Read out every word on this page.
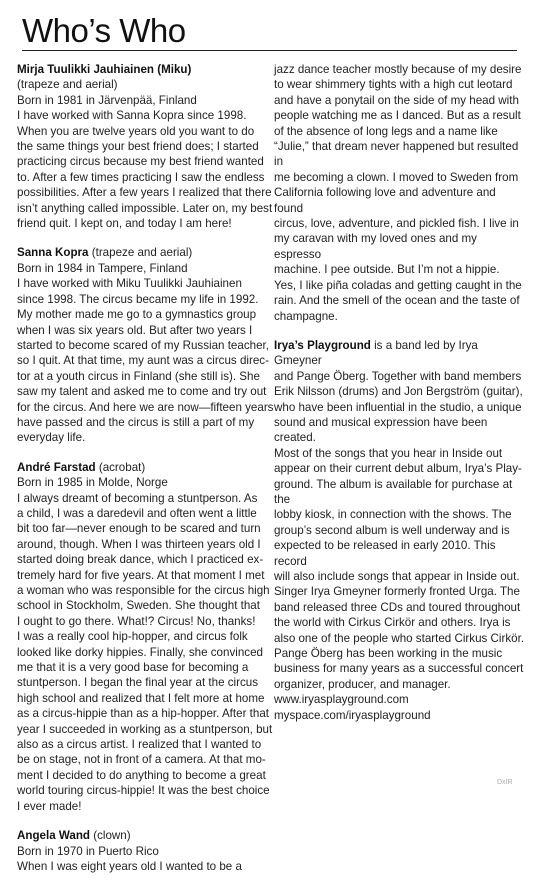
Who’s Who

Mirja Tuulikki Jauhiainen (Miku)

(trapeze and aerial)

Born in 1981 in Järvenpää, Finland

I have worked with Sanna Kopra since 1998.
When you are twelve years old you want to do
the same things your best friend does; I started
practicing circus because my best friend wanted
to. After a few times practicing I saw the endless
possibilities. After a few years I realized that there
isn’t anything called impossible. Later on, my best
friend quit. I kept on, and today I am here!

Sanna Kopra (trapeze and aerial)

Born in 1984 in Tampere, Finland

I have worked with Miku Tuulikki Jauhiainen
since 1998. The circus became my life in 1992.
My mother made me go to a gymnastics group
when I was six years old. But after two years I
started to become scared of my Russian teacher,
so I quit. At that time, my aunt was a circus direc-
tor at a youth circus in Finland (she still is). She
saw my talent and asked me to come and try out
for the circus. And here we are now—fifteen years
have passed and the circus is still a part of my
everyday life.

André Farstad (acrobat)

Born in 1985 in Molde, Norge

I always dreamt of becoming a stuntperson. As
a child, I was a daredevil and often went a little
bit too far—never enough to be scared and turn
around, though. When I was thirteen years old I
started doing break dance, which I practiced ex-
tremely hard for five years. At that moment I met
a woman who was responsible for the circus high
school in Stockholm, Sweden. She thought that
I ought to go there. What!? Circus! No, thanks!
I was a really cool hip-hopper, and circus folk
looked like dorky hippies. Finally, she convinced
me that it is a very good base for becoming a
stuntperson. I began the final year at the circus
high school and realized that I felt more at home
as a circus-hippie than as a hip-hopper. After that
year I succeeded in working as a stuntperson, but
also as a circus artist. I realized that I wanted to
be on stage, not in front of a camera. At that mo-
ment I decided to do anything to become a great
world touring circus-hippie! It was the best choice
I ever made!

Angela Wand (clown)

Born in 1970 in Puerto Rico

When I was eight years old I wanted to be a
jazz dance teacher mostly because of my desire
to wear shimmery tights with a high cut leotard
and have a ponytail on the side of my head with
people watching me as I danced. But as a result
of the absence of long legs and a name like
“Julie,” that dream never happened but resulted in
me becoming a clown. I moved to Sweden from
California following love and adventure and found
circus, love, adventure, and pickled fish. I live in
my caravan with my loved ones and my espresso
machine. I pee outside. But I’m not a hippie.
Yes, I like piña coladas and getting caught in the
rain. And the smell of the ocean and the taste of
champagne.
Irya’s Playground is a band led by Irya Gmeyner
and Pange Öberg. Together with band members
Erik Nilsson (drums) and Jon Bergström (guitar),
who have been influential in the studio, a unique
sound and musical expression have been created.
Most of the songs that you hear in Inside out
appear on their current debut album, Irya’s Play-
ground. The album is available for purchase at the
lobby kiosk, in connection with the shows. The
group’s second album is well underway and is
expected to be released in early 2010. This record
will also include songs that appear in Inside out.
Singer Irya Gmeyner formerly fronted Urga. The
band released three CDs and toured throughout
the world with Cirkus Cirkör and others. Irya is
also one of the people who started Cirkus Cirkör.
Pange Öberg has been working in the music
business for many years as a successful concert
organizer, producer, and manager.
www.iryasplayground.com
myspace.com/iryasplayground
DxIR
